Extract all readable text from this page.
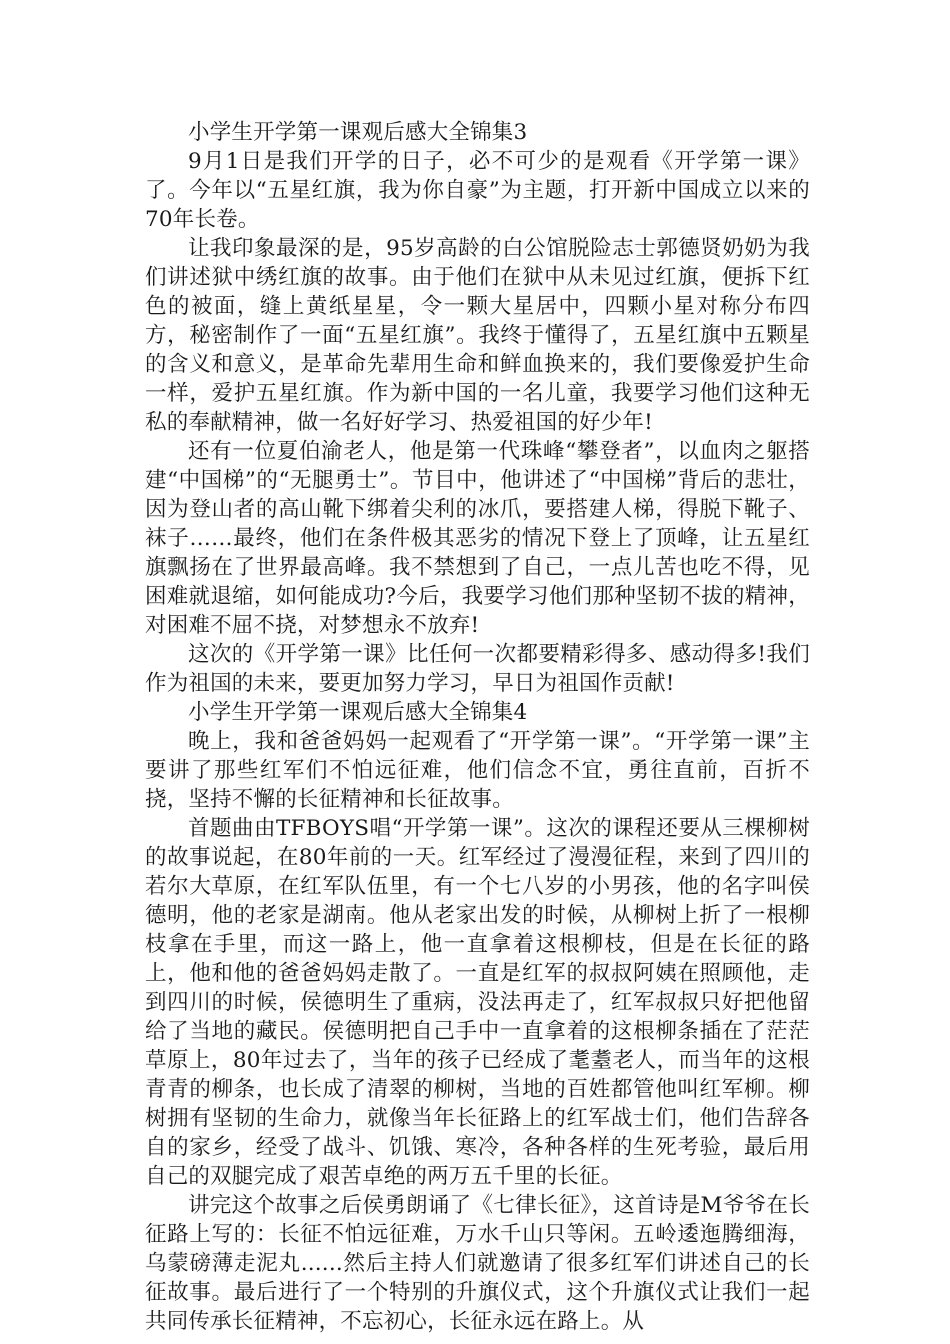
小学生开学第一课观后感大全锦集3

9月1日是我们开学的日子，必不可少的是观看《开学第一课》了。今年以“五星红旗，我为你自豪”为主题，打开新中国成立以来的70年长卷。

让我印象最深的是，95岁高龄的白公馆脱险志士郭德贤奶奶为我们讲述狱中绣红旗的故事。由于他们在狱中从未见过红旗，便拆下红色的被面，缝上黄纸星星，令一颗大星居中，四颗小星对称分布四方，秘密制作了一面“五星红旗”。我终于懂得了，五星红旗中五颗星的含义和意义，是革命先辈用生命和鲜血换来的，我们要像爱护生命一样，爱护五星红旗。作为新中国的一名儿童，我要学习他们这种无私的奉献精神，做一名好好学习、热爱祖国的好少年!

还有一位夏伯渝老人，他是第一代珠峰“攀登者”，以血肉之躯搭建“中国梯”的“无腿勇士”。节目中，他讲述了“中国梯”背后的悲壮，因为登山者的高山靴下绑着尖利的冰爪，要搭建人梯，得脱下靴子、袜子……最终，他们在条件极其恶劣的情况下登上了顶峰，让五星红旗飘扬在了世界最高峰。我不禁想到了自己，一点儿苦也吃不得，见困难就退缩，如何能成功?今后，我要学习他们那种坚韧不拔的精神，对困难不屈不挠，对梦想永不放弃!

这次的《开学第一课》比任何一次都要精彩得多、感动得多!我们作为祖国的未来，要更加努力学习，早日为祖国作贡献!

小学生开学第一课观后感大全锦集4

晚上，我和爸爸妈妈一起观看了“开学第一课”。“开学第一课”主要讲了那些红军们不怕远征难，他们信念不宜，勇往直前，百折不挠，坚持不懈的长征精神和长征故事。

首题曲由TFBOYS唱“开学第一课”。这次的课程还要从三棵柳树的故事说起，在80年前的一天。红军经过了漫漫征程，来到了四川的若尔大草原，在红军队伍里，有一个七八岁的小男孩，他的名字叫侯德明，他的老家是湖南。他从老家出发的时候，从柳树上折了一根柳枝拿在手里，而这一路上，他一直拿着这根柳枝，但是在长征的路上，他和他的爸爸妈妈走散了。一直是红军的叔叔阿姨在照顾他，走到四川的时候，侯德明生了重病，没法再走了，红军叔叔只好把他留给了当地的藏民。侯德明把自己手中一直拿着的这根柳条插在了茫茫草原上，80年过去了，当年的孩子已经成了耄耋老人，而当年的这根青青的柳条，也长成了清翠的柳树，当地的百姓都管他叫红军柳。柳树拥有坚韧的生命力，就像当年长征路上的红军战士们，他们告辞各自的家乡，经受了战斗、饥饿、寒冷，各种各样的生死考验，最后用自己的双腿完成了艰苦卓绝的两万五千里的长征。

讲完这个故事之后侯勇朗诵了《七律长征》，这首诗是M爷爷在长征路上写的：长征不怕远征难，万水千山只等闲。五岭逶迤腾细海，乌蒙磅薄走泥丸......然后主持人们就邀请了很多红军们讲述自己的长征故事。最后进行了一个特别的升旗仪式，这个升旗仪式让我们一起共同传承长征精神，不忘初心，长征永远在路上。从
